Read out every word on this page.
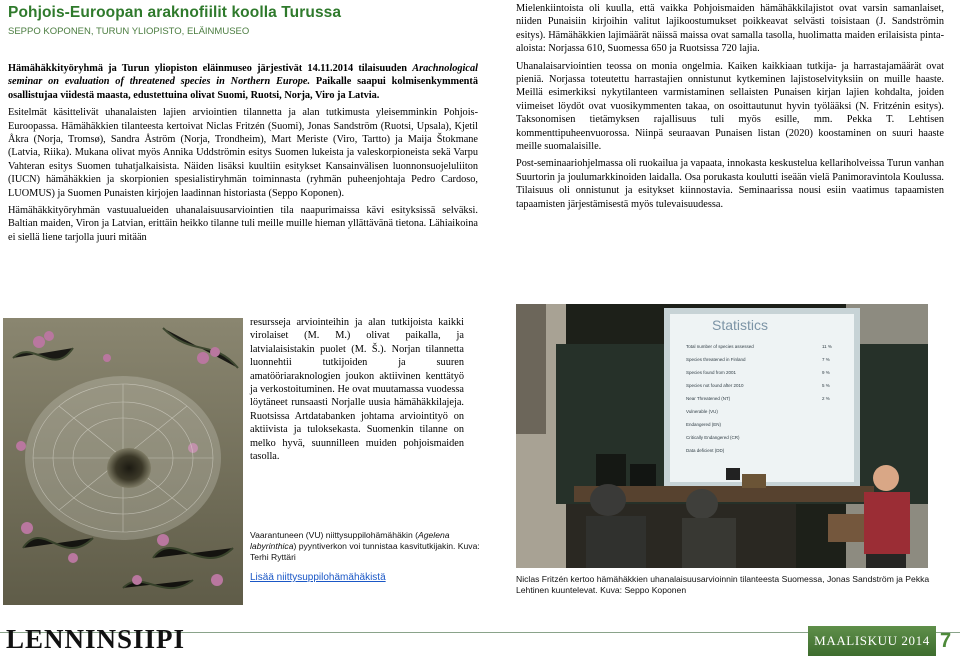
Pohjois-Euroopan araknofiilit koolla Turussa
SEPPO KOPONEN, TURUN YLIOPISTO, ELÄINMUSEO

Hämähäkkityöryhmä ja Turun yliopiston eläinmuseo järjestivät 14.11.2014 tilaisuuden Arachnological seminar on evaluation of threatened species in Northern Europe. Paikalle saapui kolmisenkymmentä osallistujaa viidestä maasta, edustettuina olivat Suomi, Ruotsi, Norja, Viro ja Latvia.

Esitelmät käsittelivät uhanalaisten lajien arviointien tilannetta ja alan tutkimusta yleisemminkin Pohjois-Euroopassa. Hämähäkkien tilanteesta kertoivat Niclas Fritzén (Suomi), Jonas Sandström (Ruotsi, Upsala), Kjetil Åkra (Norja, Tromsø), Sandra Åström (Norja, Trondheim), Mart Meriste (Viro, Tartto) ja Maija Štokmane (Latvia, Riika). Mukana olivat myös Annika Uddströmin esitys Suomen lukeista ja valeskorpioneista sekä Varpu Vahteran esitys Suomen tuhatjalkaisista. Näiden lisäksi kuultiin esitykset Kansainvälisen luonnonsuojeluliiton (IUCN) hämähäkkien ja skorpionien spesialistiryhmän toiminnasta (ryhmän puheenjohtaja Pedro Cardoso, LUOMUS) ja Suomen Punaisten kirjojen laadinnan historiasta (Seppo Koponen).

Hämähäkkityöryhmän vastuualueiden uhanalaisuusarviointien tila naapurimaissa kävi esityksissä selväksi. Baltian maiden, Viron ja Latvian, erittäin heikko tilanne tuli meille muille hieman yllättävänä tietona. Lähiaikoina ei siellä liene tarjolla juuri mitään

resursseja arviointeihin ja alan tutkijoista kaikki virolaiset (M. M.) olivat paikalla, ja latvialaisistakin puolet (M. Š.). Norjan tilannetta luonnehtii tutkijoiden ja suuren amatööriaraknologien joukon aktiivinen kenttätyö ja verkostoituminen. He ovat muutamassa vuodessa löytäneet runsaasti Norjalle uusia hämähäkkilajeja. Ruotsissa Artdatabanken johtama arviointityö on aktiivista ja tuloksekasta. Suomenkin tilanne on melko hyvä, suunnilleen muiden pohjoismaiden tasolla.
Vaarantuneen (VU) niittysuppilohämähäkin (Agelena labyrinthica) pyyntiverkon voi tunnistaa kasvitutkijakin. Kuva: Terhi Ryttäri
Lisää niittysuppilohämähäkistä

Mielenkiintoista oli kuulla, että vaikka Pohjoismaiden hämähäkkilajistot ovat varsin samanlaiset, niiden Punaisiin kirjoihin valitut lajikoostumukset poikkeavat selvästi toisistaan (J. Sandströmin esitys). Hämähäkkien lajimäärät näissä maissa ovat samalla tasolla, huolimatta maiden erilaisista pinta-aloista: Norjassa 610, Suomessa 650 ja Ruotsissa 720 lajia.

Uhanalaisarviointien teossa on monia ongelmia. Kaiken kaikkiaan tutkija- ja harrastajamäärät ovat pieniä. Norjassa toteutettu harrastajien onnistunut kytkeminen lajistoselvityksiin on muille haaste. Meillä esimerkiksi nykytilanteen varmistaminen sellaisten Punaisen kirjan lajien kohdalta, joiden viimeiset löydöt ovat vuosikymmenten takaa, on osoittautunut hyvin työlääksi (N. Fritzénin esitys). Taksonomisen tietämyksen rajallisuus tuli myös esille, mm. Pekka T. Lehtisen kommenttipuheenvuorossa. Niinpä seuraavan Punaisen listan (2020) koostaminen on suuri haaste meille suomalaisille.

Post-seminaariohjelmassa oli ruokailua ja vapaata, innokasta keskustelua kellariholveissa Turun vanhan Suurtorin ja joulumarkkinoiden laidalla. Osa porukasta koulutti iseään vielä Panimoravintola Koulussa. Tilaisuus oli onnistunut ja esitykset kiinnostavia. Seminaarissa nousi esiin vaatimus tapaamisten tapaamisten järjestämisestä myös tulevaisuudessa.

Statistics
Total number of species assessed
Species threatened in Finland
Species found from 2001
Species not found after 2010
Near Threatened (NT)
Vulnerable (VU)
Endangered (EN)
Critically Endangered (CR)
Data deficient (DD)
11 %
7 %
9 %
5 %
2 %
Niclas Fritzén kertoo hämähäkkien uhanalaisuusarvioinnin tilanteesta Suomessa, Jonas Sandström ja Pekka Lehtinen kuuntelevat. Kuva: Seppo Koponen
LENNINSIIPI	MAALISKUU 2014 7
